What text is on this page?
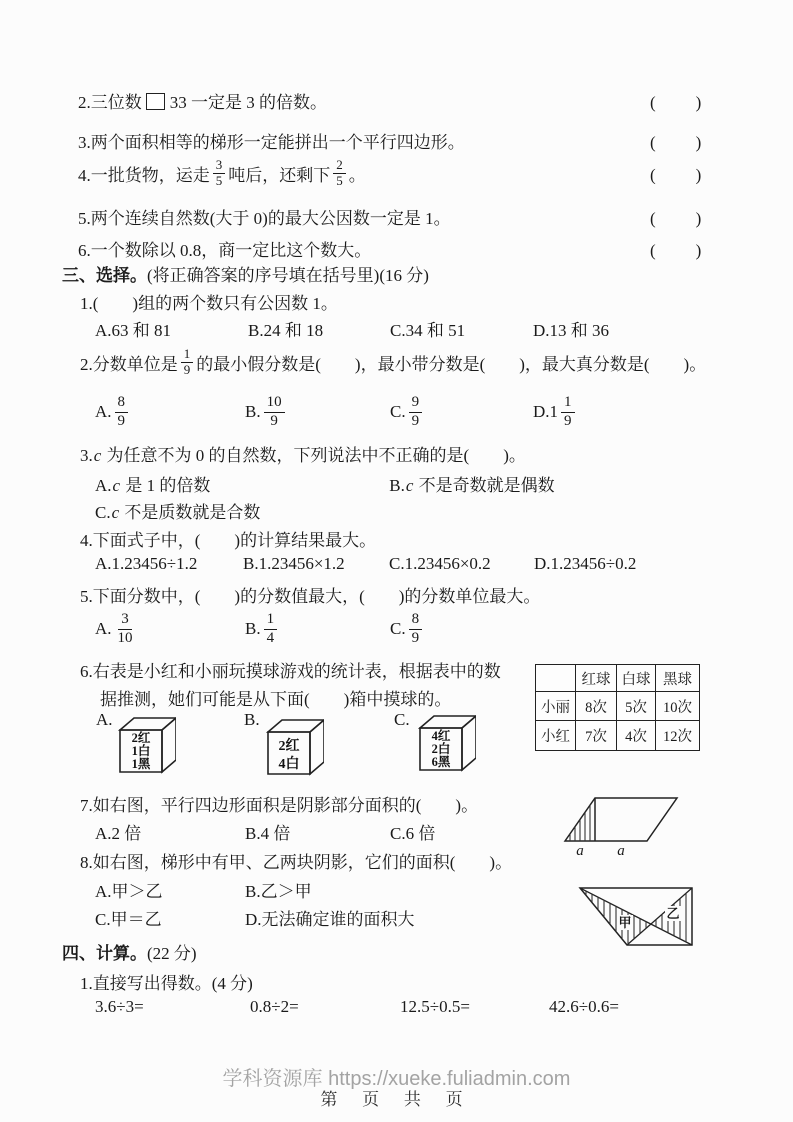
2.三位数 33 一定是 3 的倍数。	(　　)
3.两个面积相等的梯形一定能拼出一个平行四边形。	(　　)
4.一批货物，运走 $\frac{3}{5}$ 吨后，还剩下 $\frac{2}{5}$ 。	(　　)
5.两个连续自然数(大于 0)的最大公因数一定是 1。	(　　)
6.一个数除以 0.8，商一定比这个数大。	(　　)
三、选择。(将正确答案的序号填在括号里)(16 分)
1.(　　)组的两个数只有公因数 1。
A.63 和 81	B.24 和 18	C.34 和 51	D.13 和 36
2.分数单位是 $\frac{1}{9}$ 的最小假分数是(　　)，最小带分数是(　　)，最大真分数是(　　)。
A. $\frac{8}{9}$	B. $\frac{10}{9}$	C. $\frac{9}{9}$	$D.1 \frac{1}{9}$
3.c 为任意不为 0 的自然数，下列说法中不正确的是(　　)。
A.c 是 1 的倍数	B.c 不是奇数就是偶数
C.c 不是质数就是合数
4.下面式子中，(　　)的计算结果最大。
A.1.23456÷1.2	B.1.23456×1.2	C.1.23456×0.2	D.1.23456÷0.2
5.下面分数中，(　　)的分数值最大，(　　)的分数单位最大。
A. $\frac{3}{10}$	B. $\frac{1}{4}$	C. $\frac{8}{9}$
6.右表是小红和小丽玩摸球游戏的统计表，根据表中的数
据推测，她们可能是从下面(　　)箱中摸球的。
A.
2红
1白
1黑
B.
2红
4白
C.
4红
2白
6黑
	红球	白球	黑球
小丽	8次	5次	10次
小红	7次	4次	12次
7.如右图，平行四边形面积是阴影部分面积的(　　)。
A.2 倍	B.4 倍	C.6 倍
a a
8.如右图，梯形中有甲、乙两块阴影，它们的面积(　　)。
A.甲＞乙	B.乙＞甲
C.甲＝乙	D.无法确定谁的面积大	甲
乙
四、计算。(22 分)
1.直接写出得数。(4 分)
3.6÷3=	0.8÷2=	12.5÷0.5=	42.6÷0.6=
学科资源库 https://xueke.fuliadmin.com
第 页 共 页
